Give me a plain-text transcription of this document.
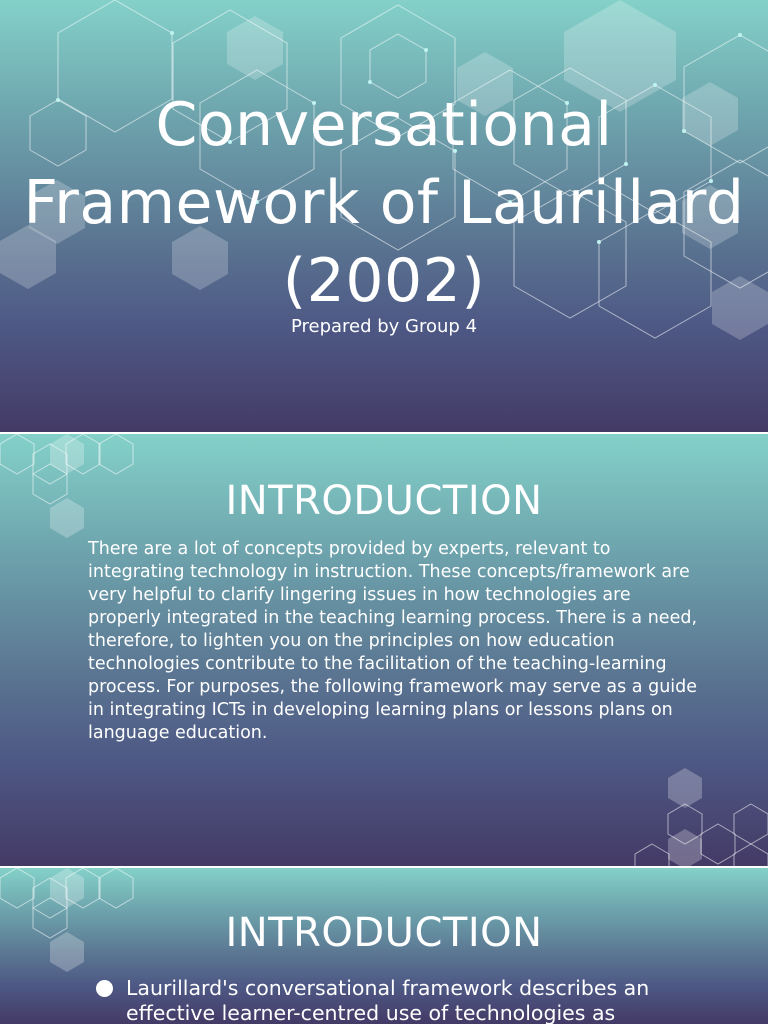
Conversational Framework of Laurillard (2002)
Prepared by Group 4
INTRODUCTION
There are a lot of concepts provided by experts, relevant to integrating technology in instruction. These concepts/framework are very helpful to clarify lingering issues in how technologies are properly integrated in the teaching learning process. There is a need, therefore, to lighten you on the principles on how education technologies contribute to the facilitation of the teaching-learning process. For purposes, the following framework may serve as a guide in integrating ICTs in developing learning plans or lessons plans on language education.
INTRODUCTION
Laurillard's conversational framework describes an effective learner-centred use of technologies as
